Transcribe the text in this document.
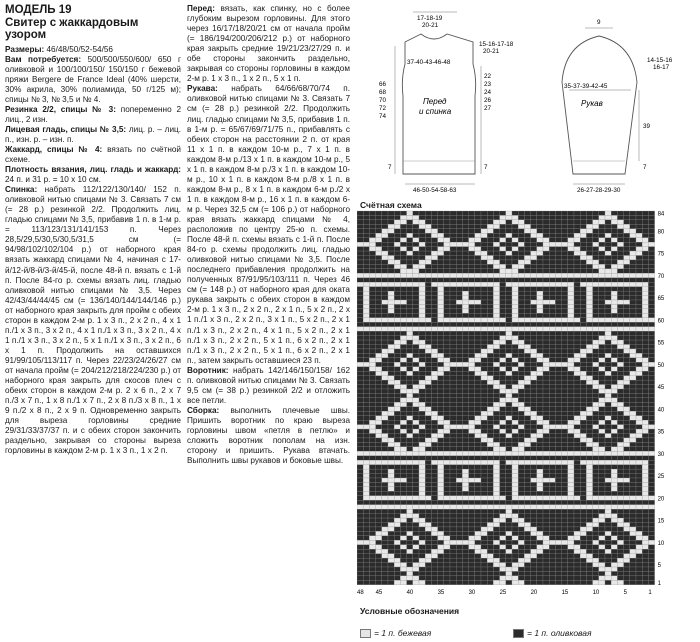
МОДЕЛЬ 19
Свитер с жаккардовым
узором

Размеры: 46/48/50/52-54/56

Вам потребуется: 500/500/550/600/ 650 г оливковой и 100/100/150/ 150/150 г бежевой пряжи Bergere de France Ideal (40% шерсти, 30% акрила, 30% полиамида, 50 г/125 м); спицы № 3, № 3,5 и № 4.

Резинка 2/2, спицы № 3: попеременно 2 лиц., 2 изн.

Лицевая гладь, спицы № 3,5: лиц. р. – лиц. п., изн. р. – изн. п.

Жаккард, спицы № 4: вязать по счётной схеме.

Плотность вязания, лиц. гладь и жаккард: 24 п. и 31 р. = 10 х 10 см.

Спинка: набрать 112/122/130/140/ 152 п. оливковой нитью спицами № 3. Связать 7 см (= 28 р.) резинкой 2/2. Продолжить лиц. гладью спицами № 3,5, прибавив 1 п. в 1-м р. = 113/123/131/141/153 п. Через 28,5/29,5/30,5/30,5/31,5 см (= 94/98/102/102/104 р.) от наборного края вязать жаккард спицами № 4, начиная с 17-й/12-й/8-й/3-й/45-й, после 48-й п. вязать с 1-й п. После 84-го р. схемы вязать лиц. гладью оливковой нитью спицами № 3,5. Через 42/43/44/44/45 см (= 136/140/144/144/146 р.) от наборного края закрыть для пройм с обеих сторон в каждом 2-м р. 1 х 3 п., 2 х 2 п., 4 х 1 п./1 х 3 п., 3 х 2 п., 4 х 1 п./1 х 3 п., 3 х 2 п., 4 х 1 п./1 х 3 п., 3 х 2 п., 5 х 1 п./1 х 3 п., 3 х 2 п., 6 х 1 п. Продолжить на оставшихся 91/99/105/113/117 п. Через 22/23/24/26/27 см от начала пройм (= 204/212/218/224/230 р.) от наборного края закрыть для скосов плеч с обеих сторон в каждом 2-м р. 2 х 6 п., 2 х 7 п./3 х 7 п., 1 х 8 п./1 х 7 п., 2 х 8 п./3 х 8 п., 1 х 9 п./2 х 8 п., 2 х 9 п. Одновременно закрыть для выреза горловины средние 29/31/33/37/37 п. и с обеих сторон закончить раздельно, закрывая со стороны выреза горловины в каждом 2-м р. 1 х 3 п., 1 х 2 п.

Перед: вязать, как спинку, но с более глубоким вырезом горловины. Для этого через 16/17/18/20/21 см от начала пройм (= 186/194/200/206/212 р.) от наборного края закрыть средние 19/21/23/27/29 п. и обе стороны закончить раздельно, закрывая со стороны горловины в каждом 2-м р. 1 х 3 п., 1 х 2 п., 5 х 1 п.

Рукава: набрать 64/66/68/70/74 п. оливковой нитью спицами № 3. Связать 7 см (= 28 р.) резинкой 2/2. Продолжить лиц. гладью спицами № 3,5, прибавив 1 п. в 1-м р. = 65/67/69/71/75 п., прибавлять с обеих сторон на расстоянии 2 п. от края 11 х 1 п. в каждом 10-м р., 7 х 1 п. в каждом 8-м р./13 х 1 п. в каждом 10-м р., 5 х 1 п. в каждом 8-м р./3 х 1 п. в каждом 10-м р., 10 х 1 п. в каждом 8-м р./8 х 1 п. в каждом 8-м р., 8 х 1 п. в каждом 6-м р./2 х 1 п. в каждом 8-м р., 16 х 1 п. в каждом 6-м р. Через 32,5 см (= 106 р.) от наборного края вязать жаккард спицами № 4, расположив по центру 25-ю п. схемы. После 48-й п. схемы вязать с 1-й п. После 84-го р. схемы продолжить лиц. гладью оливковой нитью спицами № 3,5. После последнего прибавления продолжить на полученных 87/91/95/103/111 п. Через 46 см (= 148 р.) от наборного края для оката рукава закрыть с обеих сторон в каждом 2-м р. 1 х 3 п., 2 х 2 п., 2 х 1 п., 5 х 2 п., 2 х 1 п./1 х 3 п., 2 х 2 п., 3 х 1 п., 5 х 2 п., 2 х 1 п./1 х 3 п., 2 х 2 п., 4 х 1 п., 5 х 2 п., 2 х 1 п./1 х 3 п., 2 х 2 п., 5 х 1 п., 6 х 2 п., 2 х 1 п./1 х 3 п., 2 х 2 п., 5 х 1 п., 6 х 2 п., 2 х 1 п., затем закрыть оставшиеся 23 п.

Воротник: набрать 142/146/150/158/ 162 п. оливковой нитью спицами № 3. Связать 9,5 см (= 38 р.) резинкой 2/2 и отложить все петли.

Сборка: выполнить плечевые швы. Пришить воротник по краю выреза горловины швом «петля в петлю» и сложить воротник пополам на изн. сторону и пришить. Рукава втачать. Выполнить швы рукавов и боковые швы.

17-18-19
20-21
15-16-17-18
20-21
37-40-43-46-48
66
68
70
72
74
22
23
24
26
27
Перед
и спинка
46-50-54-58-63
7	7
9
14-15-16
16-17
35-37-39-42-45
Рукав
39
7
26-27-28-29-30
Счётная схема
84
80
75
70
65
60
55
50
45
40
35
30
25
20
15
10
5
1
48 45	40	35	30	25	20	15	10	5	1
Условные обозначения
= 1 п. бежевая	= 1 п. оливковая
